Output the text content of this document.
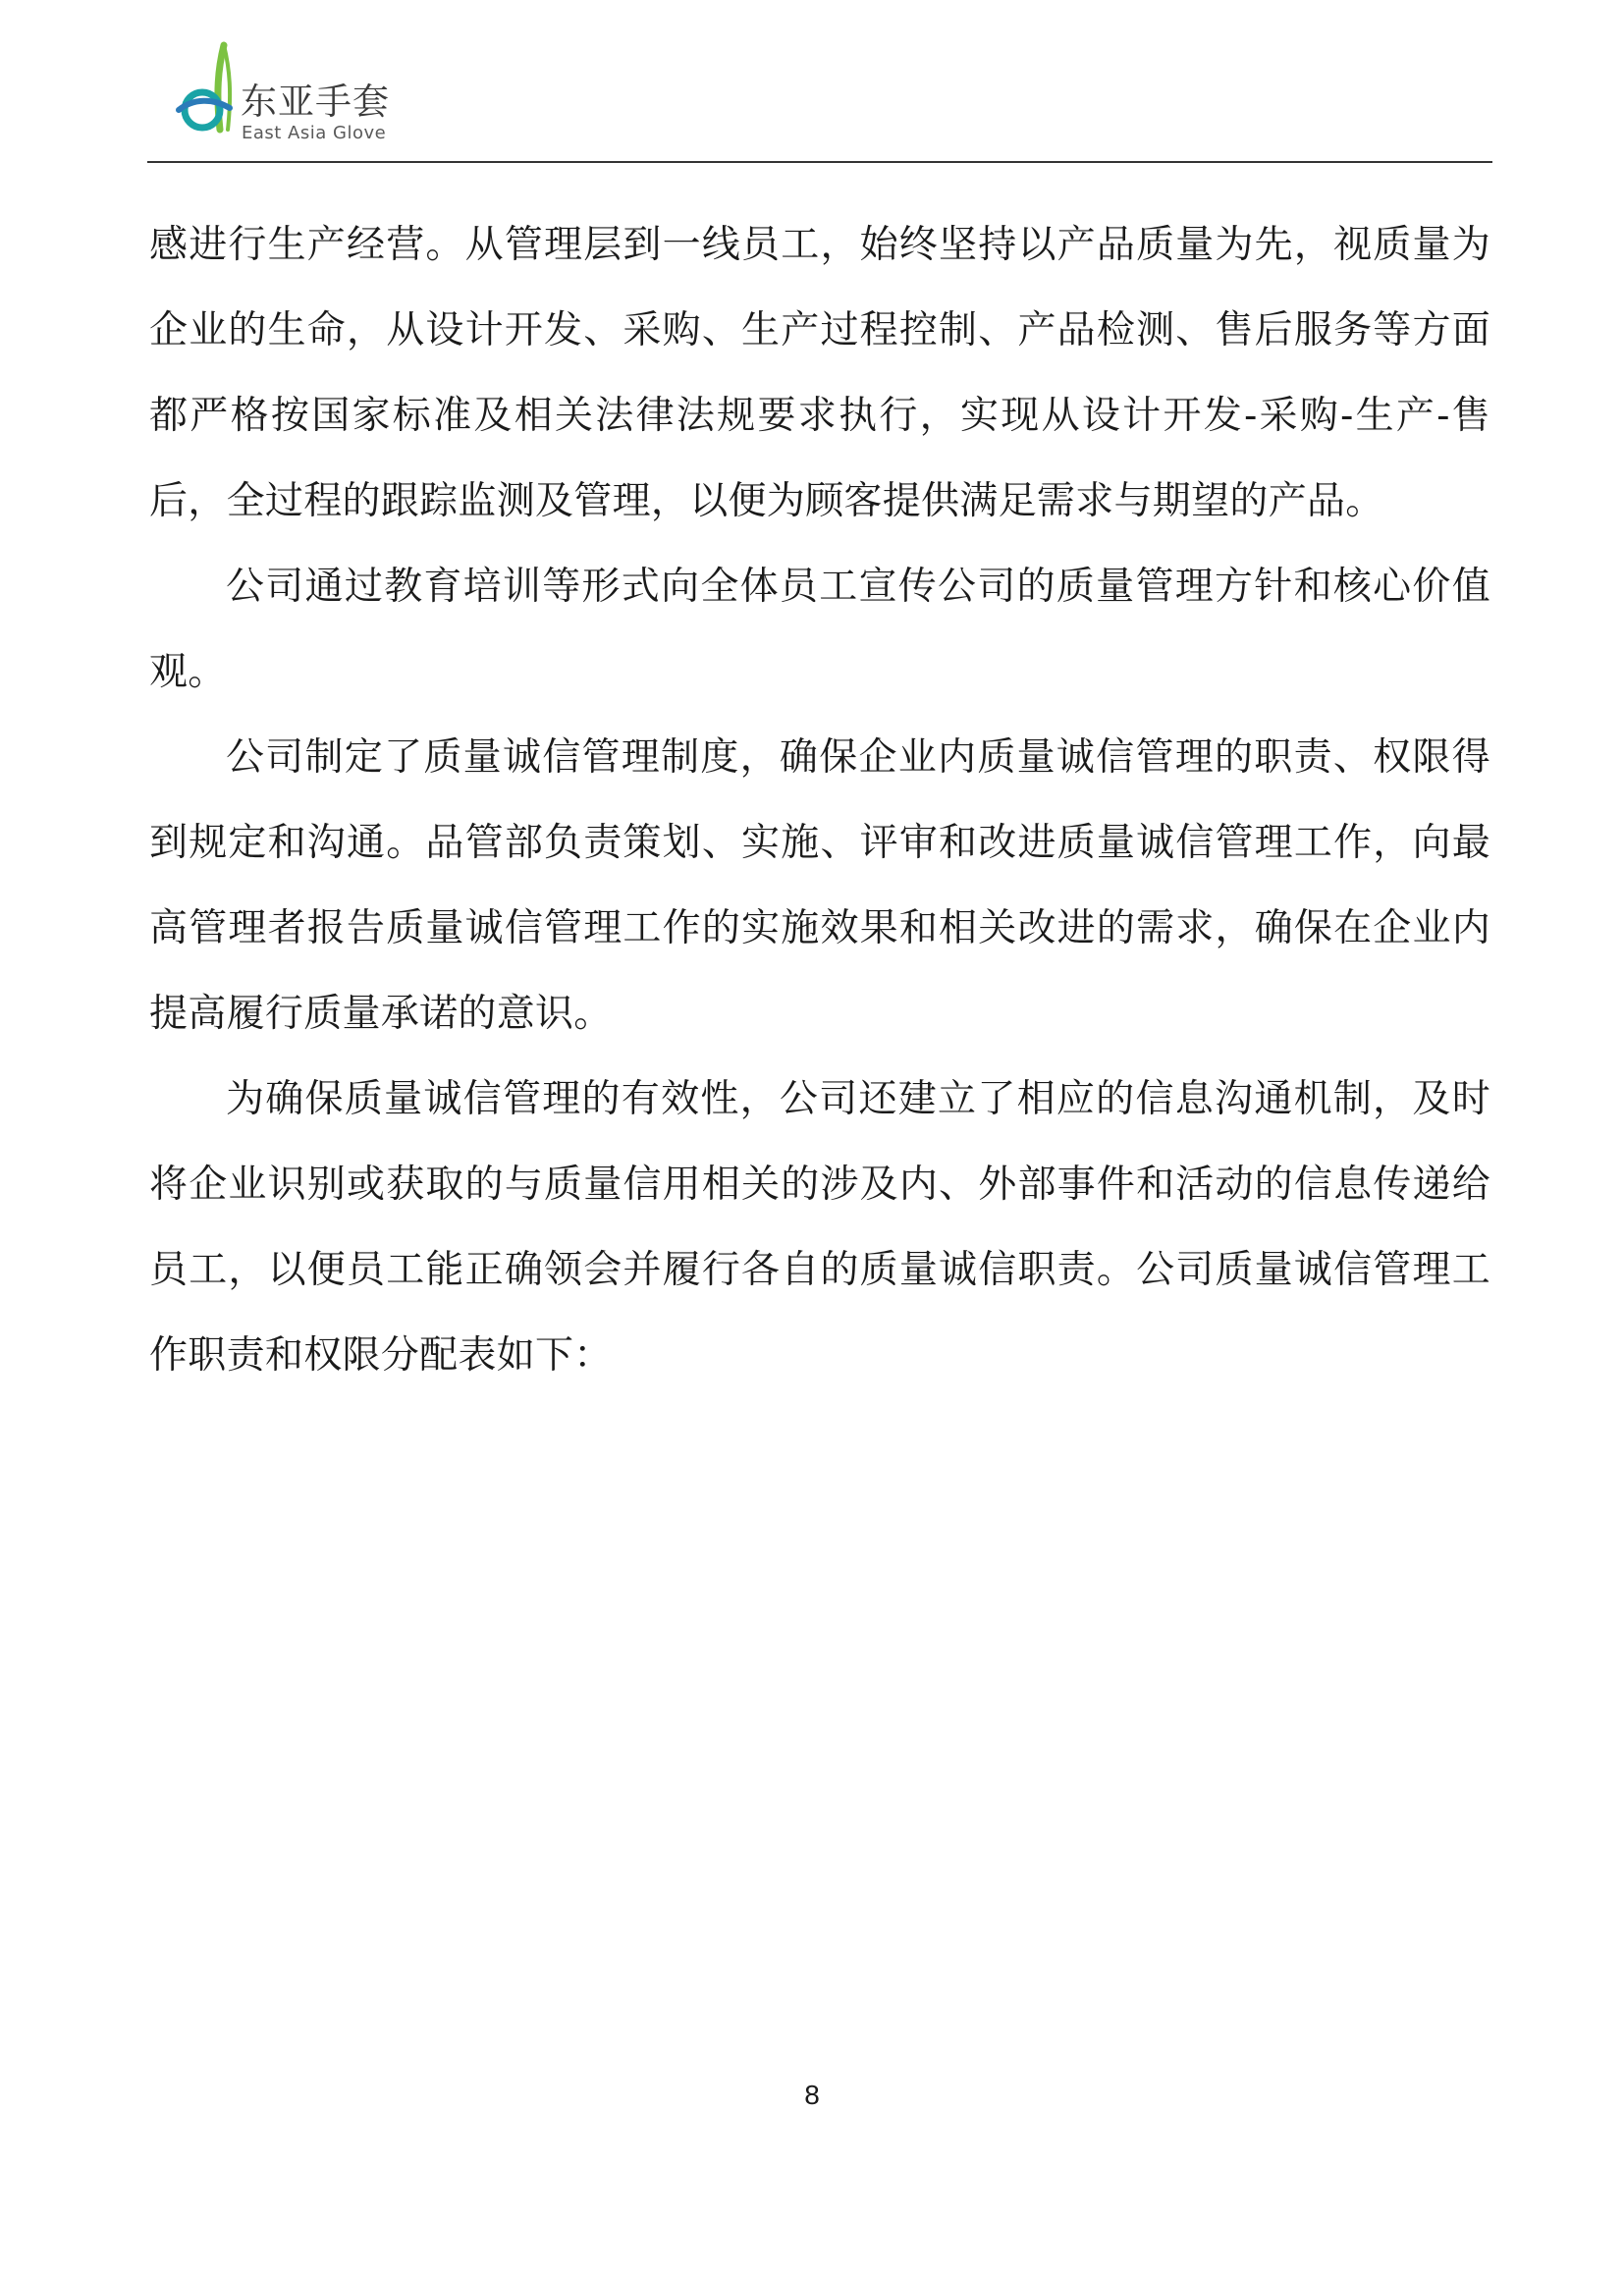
东亚手套
East Asia Glove

感进行生产经营。从管理层到一线员工，始终坚持以产品质量为先，视质量为企业的生命，从设计开发、采购、生产过程控制、产品检测、售后服务等方面都严格按国家标准及相关法律法规要求执行，实现从设计开发-采购-生产-售后，全过程的跟踪监测及管理，以便为顾客提供满足需求与期望的产品。

公司通过教育培训等形式向全体员工宣传公司的质量管理方针和核心价值观。

公司制定了质量诚信管理制度，确保企业内质量诚信管理的职责、权限得到规定和沟通。品管部负责策划、实施、评审和改进质量诚信管理工作，向最高管理者报告质量诚信管理工作的实施效果和相关改进的需求，确保在企业内提高履行质量承诺的意识。

为确保质量诚信管理的有效性，公司还建立了相应的信息沟通机制，及时将企业识别或获取的与质量信用相关的涉及内、外部事件和活动的信息传递给员工，以便员工能正确领会并履行各自的质量诚信职责。公司质量诚信管理工作职责和权限分配表如下：

8
